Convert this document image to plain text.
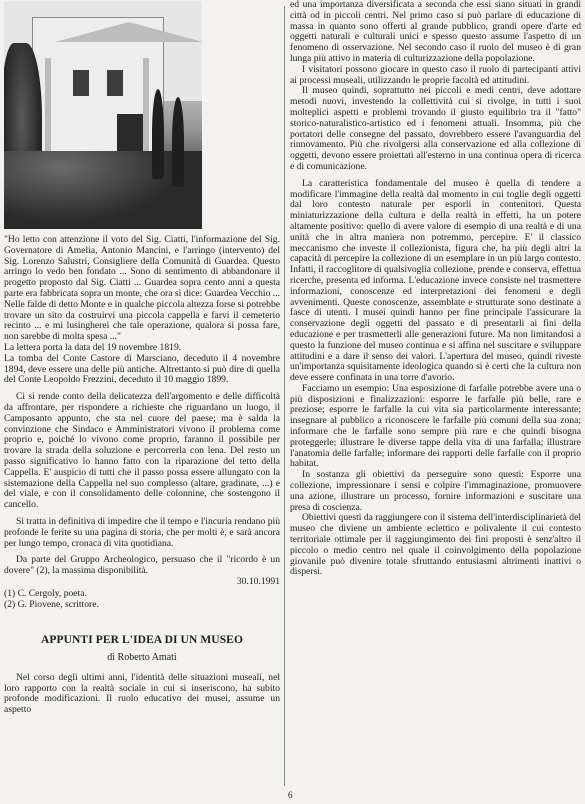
"Ho letto con attenzione il voto del Sig. Ciatti, l'informazione del Sig. Governatore di Amelia, Antonio Mancini, e l'arringo (intervento) del Sig. Lorenzo Salustri, Consigliere della Comunità di Guardea. Questo arringo lo vedo ben fondato ... Sono di sentimento di abbandonare il progetto proposto dal Sig. Ciatti ... Guardea sopra cento anni a questa parte era fabbricata sopra un monte, che ora si dice: Guardea Vecchio ... Nelle falde di detto Monte e in qualche piccola altezza forse si potrebbe trovare un sito da costruirvi una piccola cappella e farvi il cemeterio recinto ... e mi lusingherei che tale operazione, qualora si possa fare, non sarebbe di molta spesa ..."

La lettera porta la data del 19 novembre 1819.

La tomba del Conte Castore di Marsciano, deceduto il 4 novembre 1894, deve essere una delle più antiche. Altrettanto si può dire di quella del Conte Leopoldo Frezzini, deceduto il 10 maggio 1899.

Ci si rende conto della delicatezza dell'argomento e delle difficoltà da affrontare, per rispondere a richieste che riguardano un luogo, il Camposanto appunto, che sta nel cuore del paese; ma è salda la convinzione che Sindaco e Amministratori vivono il problema come proprio e, poiché lo vivono come proprio, faranno il possibile per trovare la strada della soluzione e percorrerla con lena. Del resto un passo significativo lo hanno fatto con la riparazione del tetto della Cappella. E' auspicio di tutti che il passo possa essere allungato con la sistemazione della Cappella nel suo complesso (altare, gradinate, ...) e del viale, e con il consolidamento delle colonnine, che sostengono il cancello.

Si tratta in definitiva di impedire che il tempo e l'incuria rendano più profonde le ferite su una pagina di storia, che per molti è, e sarà ancora per lungo tempo, cronaca di vita quotidiana.

Da parte del Gruppo Archeologico, persuaso che il "ricordo è un dovere" (2), la massima disponibilità.

30.10.1991

(1) C. Cergoly, poeta.

(2) G. Piovene, scrittore.

APPUNTI PER L'IDEA DI UN MUSEO

di Roberto Amati

Nel corso degli ultimi anni, l'identità delle situazioni musealí, nel loro rapporto con la realtà sociale in cui si inseriscono, ha subito profonde modificazioni. Il ruolo educativo dei musei, assume un aspetto

ed una importanza diversificata a seconda che essi siano situati in grandi città od in piccoli centri. Nel primo caso si può parlare di educazione di massa in quanto sono offerti al grande pubblico, grandi opere d'arte ed oggetti naturali e culturali unici e spesso questo assume l'aspetto di un fenomeno di osservazione. Nel secondo caso il ruolo del museo è di gran lunga più attivo in materia di culturizzazione della popolazione.

I visitatori possono giocare in questo caso il ruolo di partecipanti attivi ai processi museali, utilizzando le proprie facoltà ed attitudini.

Il museo quindi, soprattutto nei piccoli e medi centri, deve adottare metodi nuovi, investendo la collettività cui si rivolge, in tutti i suoi molteplici aspetti e problemi trovando il giusto equilibrio tra il "fatto" storico-naturalistico-artistico ed i fenomeni attuali. Insomma, più che portatori delle consegne del passato, dovrebbero essere l'avanguardia del rinnovamento. Più che rivolgersi alla conservazione ed alla collezione di oggetti, devono essere proiettati all'esterno in una continua opera di ricerca e di comunicazione.

La caratteristica fondamentale del museo è quella di tendere a modificare l'immagine della realtà dal momento in cui toglie degli oggetti dal loro contesto naturale per esporli in contenitori. Questa miniaturizzazione della cultura e della realtà in effetti, ha un potere altamente positivo: quello di avere valore di esempio di una realtà e di una unità che in altra maniera non potremmo, percepire. E' il classico meccanismo che investe il collezionista, figura che, ha più degli altri la capacità di percepire la collezione di un esemplare in un più largo contesto. Infatti, il raccoglitore di qualsivoglia collezione, prende e conserva, effettua ricerche, presenta ed informa. L'educazione invece consiste nel trasmettere informazioni, conoscenze ed interpretazioni dei fenomeni e degli avvenimenti. Queste conoscenze, assemblate e strutturate sono destinate a fasce di utenti. I musei quindi hanno per fine principale l'assicurare la conservazione degli oggetti del passato e di presentarli ai fini della educazione e per trasmetterli alle generazioni future. Ma non limitandosi a questo la funzione del museo continua e si affina nel suscitare e sviluppare attitudini e a dare il senso dei valori. L'apertura del museo, quindi riveste un'importanza squisitamente ideologica quando si è certi che la cultura non deve essere confinata in una torre d'avorio.

Facciamo un esempio: Una esposizione di farfalle potrebbe avere una o più disposizioni e finalizzazioni: esporre le farfalle più belle, rare e preziose; esporre le farfalle la cui vita sia particolarmente interessante; insegnare al pubblico a riconoscere le farfalle più comuni della sua zona; informare che le farfalle sono sempre più rare e che quindi bisogna proteggerle; illustrare le diverse tappe della vita di una farfalla; illustrare l'anatomia delle farfalle; informare dei rapporti delle farfalle con il proprio habitat.

In sostanza gli obiettivi da perseguire sono questi: Esporre una collezione, impressionare i sensi e colpire l'immaginazione, promuovere una azione, illustrare un processo, fornire informazioni e suscitare una presa di coscienza.

Obiettivi questi da raggiungere con il sistema dell'interdisciplinarietà del museo che diviene un ambiente eclettico e polivalente il cui contesto territoriale ottimale per il raggiungimento dei fini proposti è senz'altro il piccolo o medio centro nel quale il coinvolgimento della popolazione giovanile può divenire totale sfruttando entusiasmi altrimenti inattivi o dispersi.

6
